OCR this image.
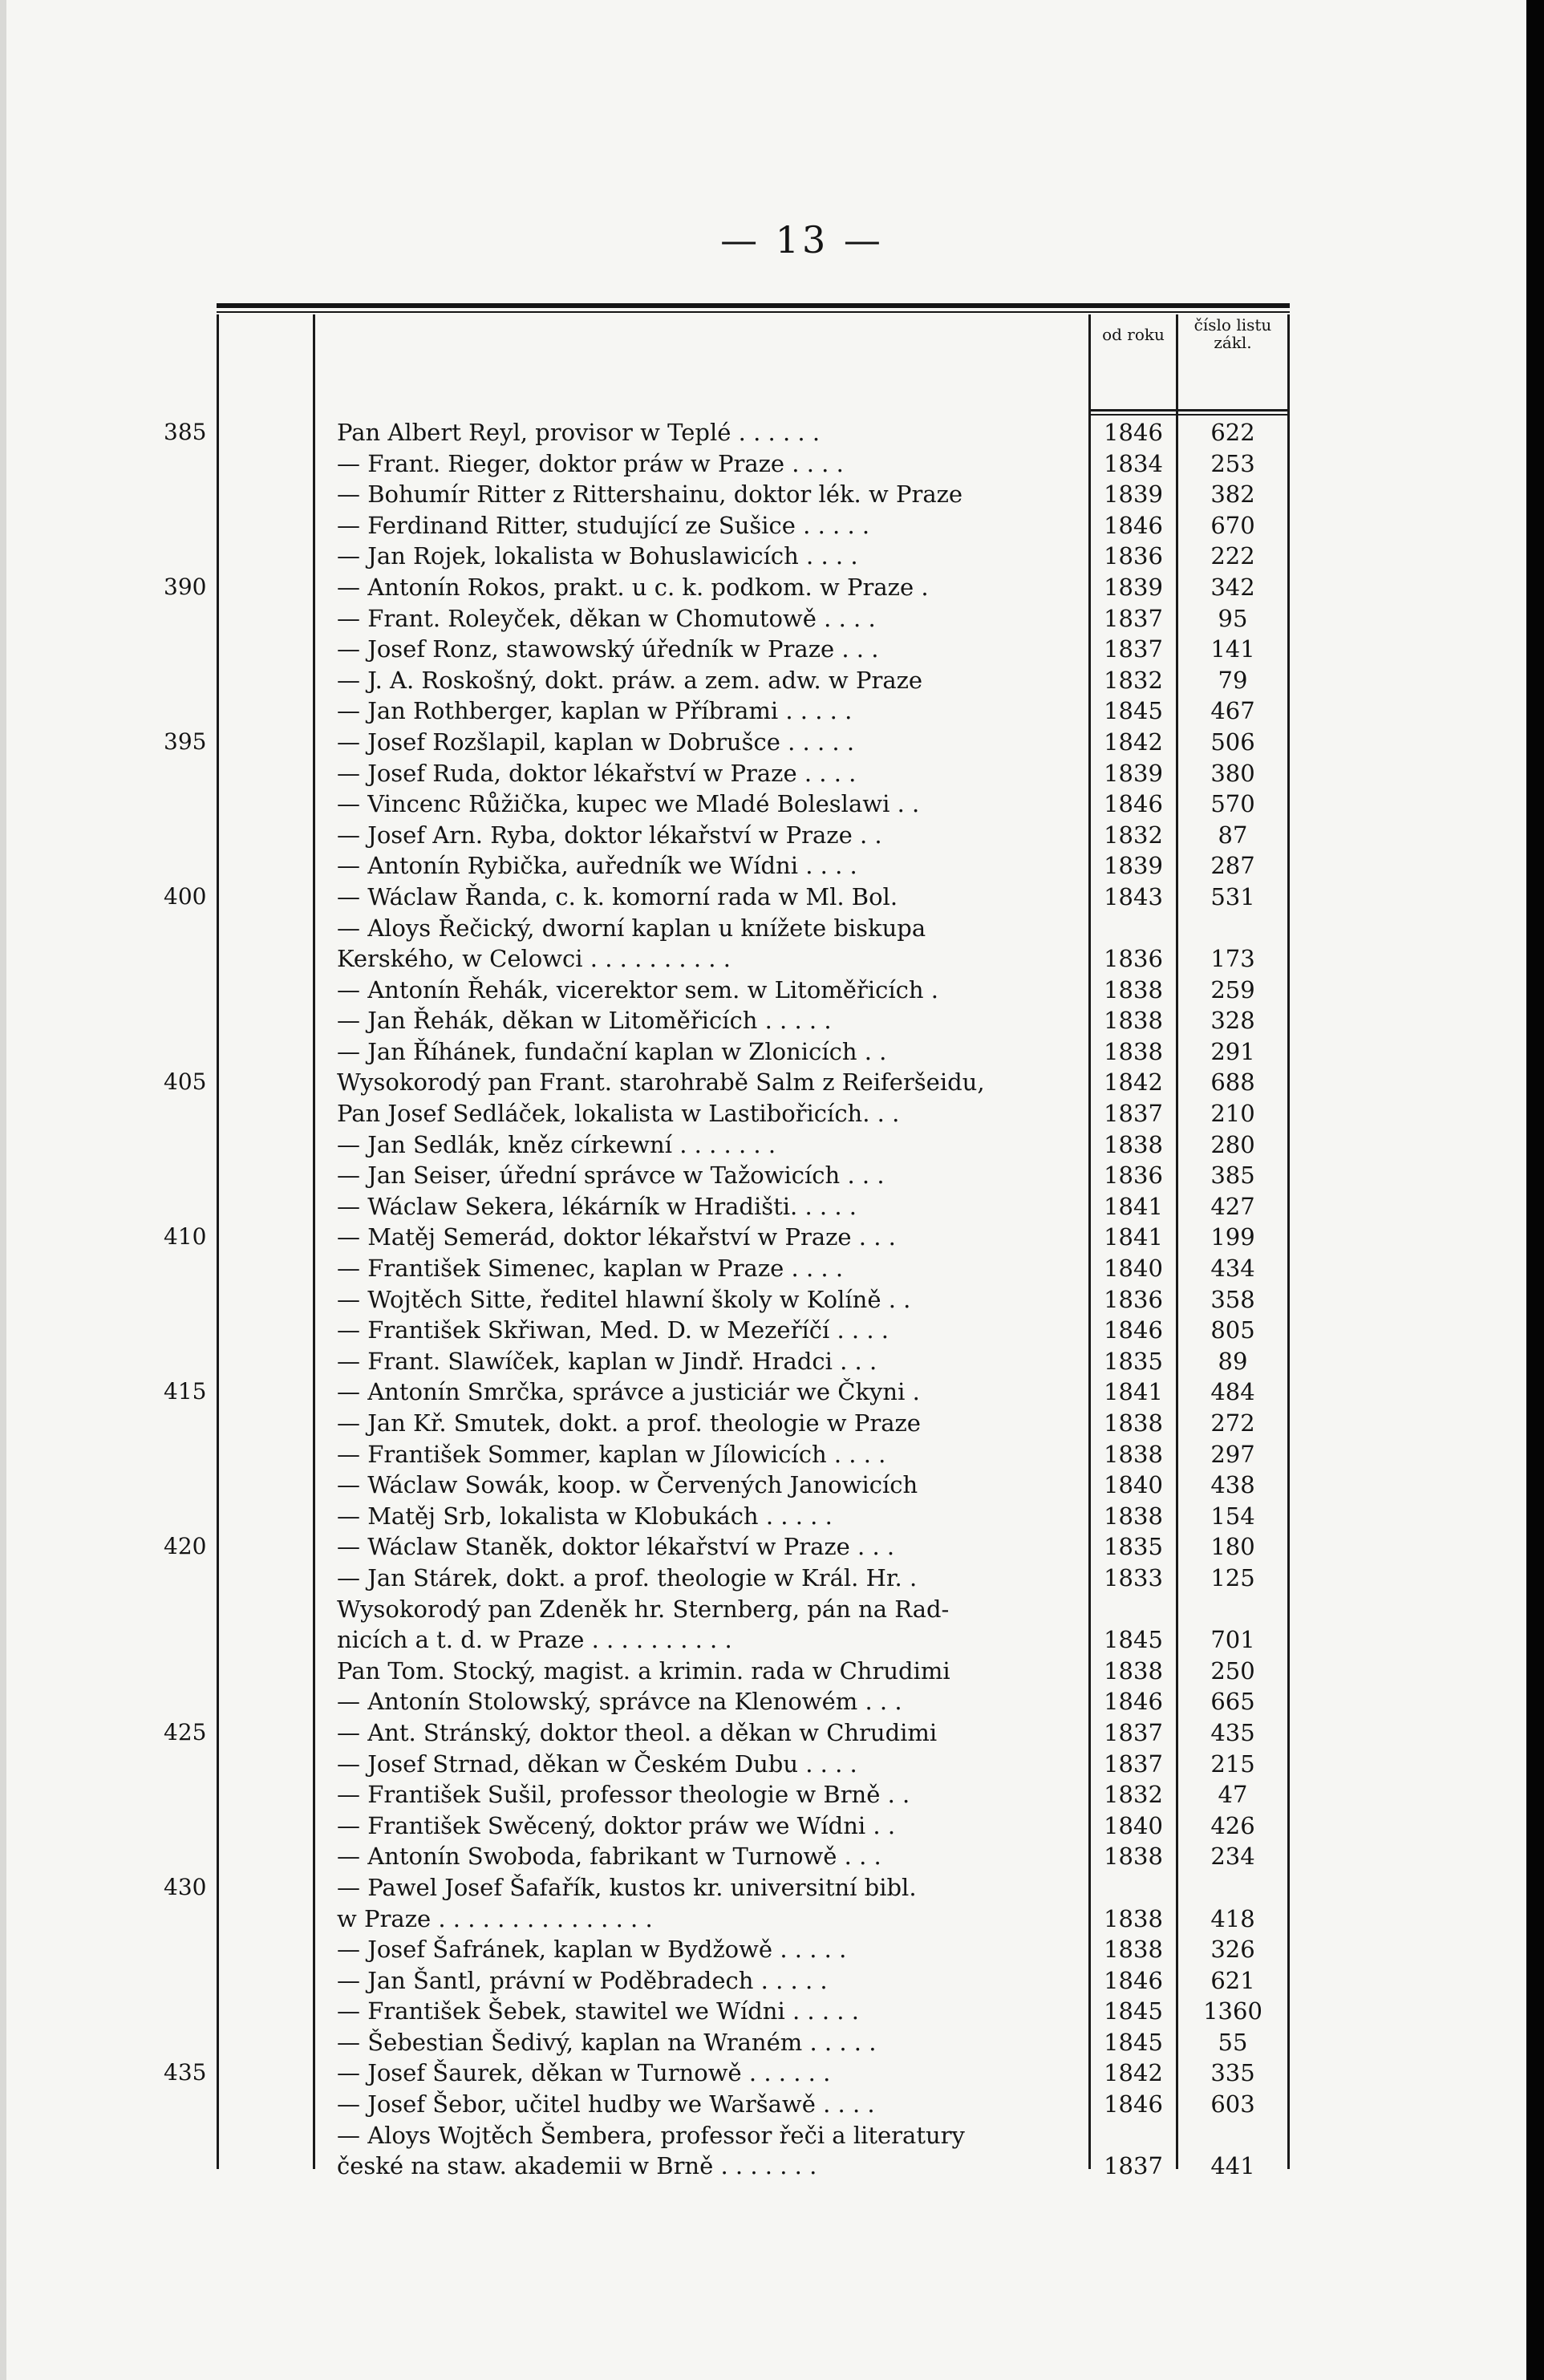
— 13 —
od roku	číslo listu zákl.
385	Pan Albert Reyl, provisor w Teplé . . . . . .	1846	622
— Frant. Rieger, doktor práw w Praze . . . .	1834	253
— Bohumír Ritter z Rittershainu, doktor lék. w Praze	1839	382
— Ferdinand Ritter, studující ze Sušice . . . . .	1846	670
— Jan Rojek, lokalista w Bohuslawicích . . . .	1836	222
390	— Antonín Rokos, prakt. u c. k. podkom. w Praze .	1839	342
— Frant. Roleyček, děkan w Chomutowě . . . .	1837	95
— Josef Ronz, stawowský úředník w Praze . . .	1837	141
— J. A. Roskošný, dokt. práw. a zem. adw. w Praze	1832	79
— Jan Rothberger, kaplan w Příbrami . . . . .	1845	467
395	— Josef Rozšlapil, kaplan w Dobrušce . . . . .	1842	506
— Josef Ruda, doktor lékařství w Praze . . . .	1839	380
— Vincenc Růžička, kupec we Mladé Boleslawi . .	1846	570
— Josef Arn. Ryba, doktor lékařství w Praze . .	1832	87
— Antonín Rybička, auředník we Wídni . . . .	1839	287
400	— Wáclaw Řanda, c. k. komorní rada w Ml. Bol.	1843	531
— Aloys Řečický, dworní kaplan u knížete biskupa
Kerského, w Celowci . . . . . . . . . .	1836	173
— Antonín Řehák, vicerektor sem. w Litoměřicích .	1838	259
— Jan Řehák, děkan w Litoměřicích . . . . .	1838	328
— Jan Říhánek, fundační kaplan w Zlonicích . .	1838	291
405	Wysokorodý pan Frant. starohrabě Salm z Reiferšeidu,	1842	688
Pan Josef Sedláček, lokalista w Lastibořicích. . .	1837	210
— Jan Sedlák, kněz církewní . . . . . . .	1838	280
— Jan Seiser, úřední správce w Tažowicích . . .	1836	385
— Wáclaw Sekera, lékárník w Hradišti. . . . .	1841	427
410	— Matěj Semerád, doktor lékařství w Praze . . .	1841	199
— František Simenec, kaplan w Praze . . . .	1840	434
— Wojtěch Sitte, ředitel hlawní školy w Kolíně . .	1836	358
— František Skřiwan, Med. D. w Mezeříčí . . . .	1846	805
— Frant. Slawíček, kaplan w Jindř. Hradci . . .	1835	89
415	— Antonín Smrčka, správce a justiciár we Čkyni .	1841	484
— Jan Kř. Smutek, dokt. a prof. theologie w Praze	1838	272
— František Sommer, kaplan w Jílowicích . . . .	1838	297
— Wáclaw Sowák, koop. w Červených Janowicích	1840	438
— Matěj Srb, lokalista w Klobukách . . . . .	1838	154
420	— Wáclaw Staněk, doktor lékařství w Praze . . .	1835	180
— Jan Stárek, dokt. a prof. theologie w Král. Hr. .	1833	125
Wysokorodý pan Zdeněk hr. Sternberg, pán na Rad-
nicích a t. d. w Praze . . . . . . . . . .	1845	701
Pan Tom. Stocký, magist. a krimin. rada w Chrudimi	1838	250
— Antonín Stolowský, správce na Klenowém . . .	1846	665
425	— Ant. Stránský, doktor theol. a děkan w Chrudimi	1837	435
— Josef Strnad, děkan w Českém Dubu . . . .	1837	215
— František Sušil, professor theologie w Brně . .	1832	47
— František Swěcený, doktor práw we Wídni . .	1840	426
— Antonín Swoboda, fabrikant w Turnowě . . .	1838	234
430	— Pawel Josef Šafařík, kustos kr. universitní bibl.
w Praze . . . . . . . . . . . . . . .	1838	418
— Josef Šafránek, kaplan w Bydžowě . . . . .	1838	326
— Jan Šantl, právní w Poděbradech . . . . .	1846	621
— František Šebek, stawitel we Wídni . . . . .	1845	1360
— Šebestian Šedivý, kaplan na Wraném . . . . .	1845	55
435	— Josef Šaurek, děkan w Turnowě . . . . . .	1842	335
— Josef Šebor, učitel hudby we Waršawě . . . .	1846	603
— Aloys Wojtěch Šembera, professor řeči a literatury
české na staw. akademii w Brně . . . . . . .	1837	441
